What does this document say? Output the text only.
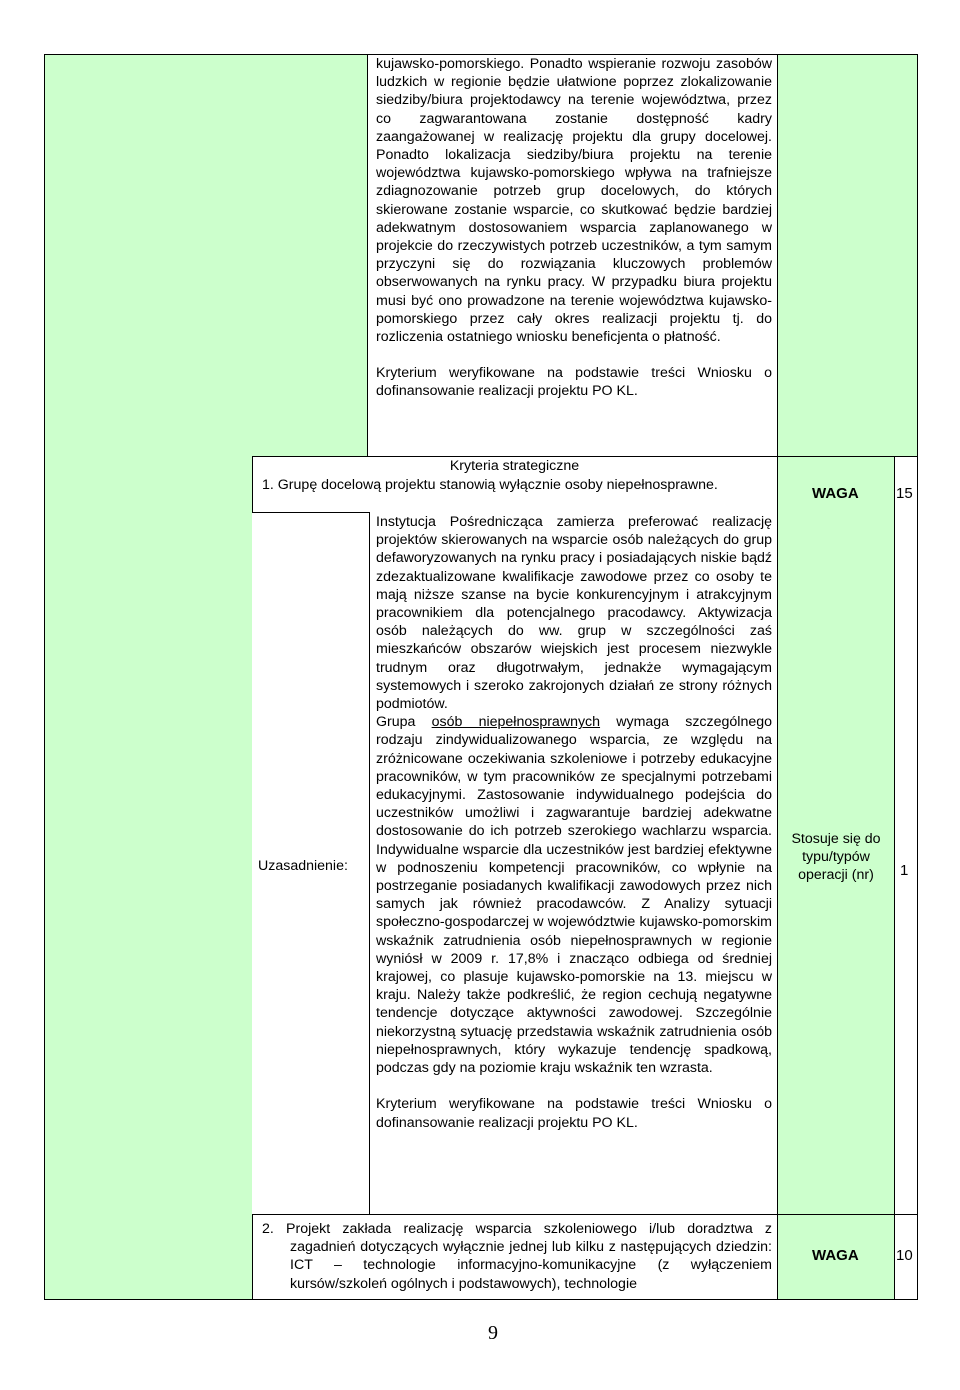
kujawsko-pomorskiego. Ponadto wspieranie rozwoju zasobów ludzkich w regionie będzie ułatwione poprzez zlokalizowanie siedziby/biura projektodawcy na terenie województwa, przez co zagwarantowana zostanie dostępność kadry zaangażowanej w realizację projektu dla grupy docelowej. Ponadto lokalizacja siedziby/biura projektu na terenie województwa kujawsko-pomorskiego wpływa na trafniejsze zdiagnozowanie potrzeb grup docelowych, do których skierowane zostanie wsparcie, co skutkować będzie bardziej adekwatnym dostosowaniem wsparcia zaplanowanego w projekcie do rzeczywistych potrzeb uczestników, a tym samym przyczyni się do rozwiązania kluczowych problemów obserwowanych na rynku pracy. W przypadku biura projektu musi być ono prowadzone na terenie województwa kujawsko-pomorskiego przez cały okres realizacji projektu tj. do rozliczenia ostatniego wniosku beneficjenta o płatność.

Kryterium weryfikowane na podstawie treści Wniosku o dofinansowanie realizacji projektu PO KL.

Kryteria strategiczne
1. Grupę docelową projektu stanowią wyłącznie osoby niepełnosprawne.	WAGA 15
Uzasadnienie:

Instytucja Pośrednicząca zamierza preferować realizację projektów skierowanych na wsparcie osób należących do grup defaworyzowanych na rynku pracy i posiadających niskie bądź zdezaktualizowane kwalifikacje zawodowe przez co osoby te mają niższe szanse na bycie konkurencyjnym i atrakcyjnym pracownikiem dla potencjalnego pracodawcy. Aktywizacja osób należących do ww. grup w szczególności zaś mieszkańców obszarów wiejskich jest procesem niezwykle trudnym oraz długotrwałym, jednakże wymagającym systemowych i szeroko zakrojonych działań ze strony różnych podmiotów.

Grupa osób niepełnosprawnych wymaga szczególnego rodzaju zindywidualizowanego wsparcia, ze względu na zróżnicowane oczekiwania szkoleniowe i potrzeby edukacyjne pracowników, w tym pracowników ze specjalnymi potrzebami edukacyjnymi. Zastosowanie indywidualnego podejścia do uczestników umożliwi i zagwarantuje bardziej adekwatne dostosowanie do ich potrzeb szerokiego wachlarzu wsparcia. Indywidualne wsparcie dla uczestników jest bardziej efektywne w podnoszeniu kompetencji pracowników, co wpłynie na postrzeganie posiadanych kwalifikacji zawodowych przez nich samych jak również pracodawców. Z Analizy sytuacji społeczno-gospodarczej w województwie kujawsko-pomorskim wskaźnik zatrudnienia osób niepełnosprawnych w regionie wyniósł w 2009 r. 17,8% i znacząco odbiega od średniej krajowej, co plasuje kujawsko-pomorskie na 13. miejscu w kraju. Należy także podkreślić, że region cechują negatywne tendencje dotyczące aktywności zawodowej. Szczególnie niekorzystną sytuację przedstawia wskaźnik zatrudnienia osób niepełnosprawnych, który wykazuje tendencję spadkową, podczas gdy na poziomie kraju wskaźnik ten wzrasta.

Kryterium weryfikowane na podstawie treści Wniosku o dofinansowanie realizacji projektu PO KL.

Stosuje się do typu/typów operacji (nr)	1
2. Projekt zakłada realizację wsparcia szkoleniowego i/lub doradztwa z zagadnień dotyczących wyłącznie jednej lub kilku z następujących dziedzin: ICT – technologie informacyjno-komunikacyjne (z wyłączeniem kursów/szkoleń ogólnych i podstawowych), technologie
WAGA 10
9
